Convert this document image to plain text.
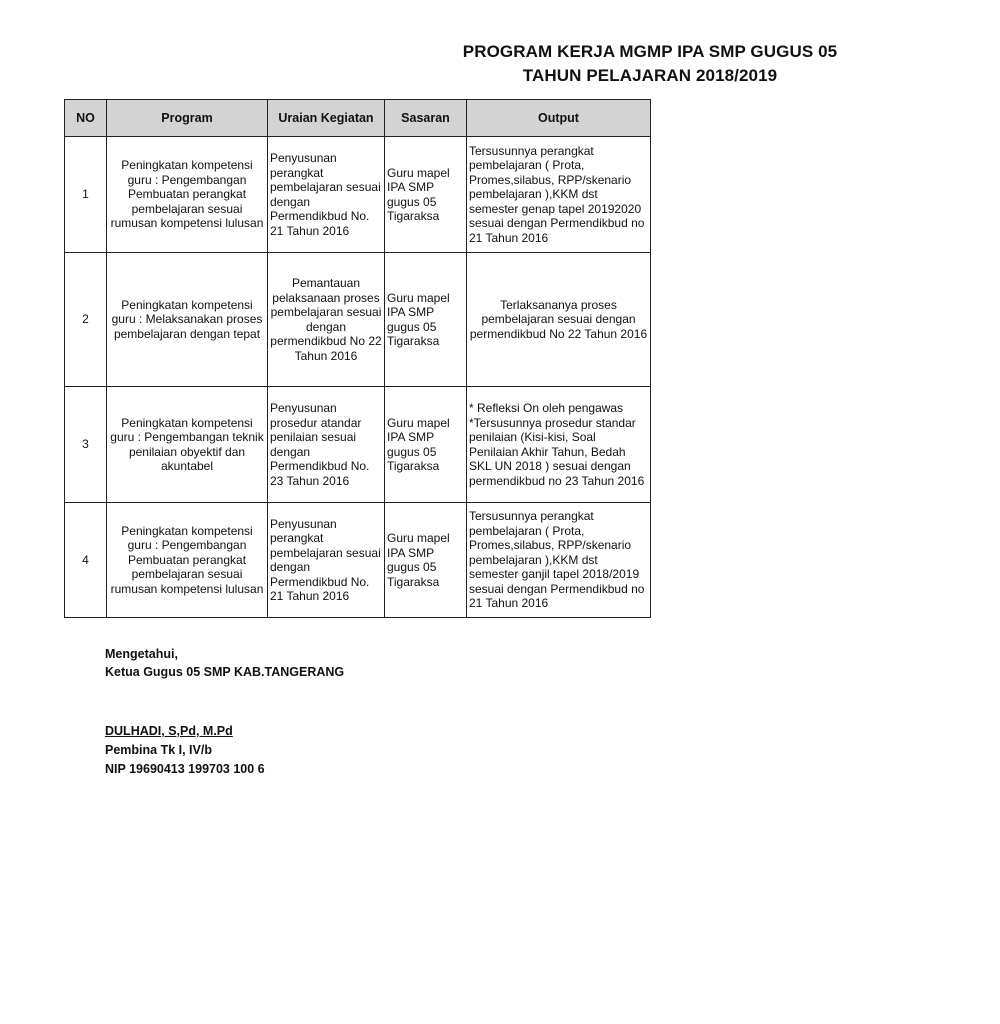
PROGRAM KERJA MGMP IPA SMP GUGUS 05
TAHUN PELAJARAN 2018/2019
NO	Program	Uraian Kegiatan	Sasaran	Output
1	Peningkatan kompetensi guru : Pengembangan Pembuatan perangkat pembelajaran sesuai rumusan kompetensi lulusan	Penyusunan perangkat pembelajaran sesuai dengan Permendikbud No. 21 Tahun 2016	Guru mapel IPA SMP gugus 05 Tigaraksa	Tersusunnya perangkat pembelajaran ( Prota, Promes,silabus, RPP/skenario pembelajaran ),KKM dst semester genap tapel 20192020 sesuai dengan Permendikbud no 21 Tahun 2016
2	Peningkatan kompetensi guru : Melaksanakan proses pembelajaran dengan tepat	Pemantauan pelaksanaan proses pembelajaran sesuai dengan permendikbud No 22 Tahun 2016	Guru mapel IPA SMP gugus 05 Tigaraksa	Terlaksananya proses pembelajaran sesuai dengan permendikbud No 22 Tahun 2016
3	Peningkatan kompetensi guru : Pengembangan teknik penilaian obyektif dan akuntabel	Penyusunan prosedur atandar penilaian sesuai dengan Permendikbud No. 23 Tahun 2016	Guru mapel IPA SMP gugus 05 Tigaraksa	* Refleksi On oleh pengawas
*Tersusunnya prosedur standar penilaian (Kisi-kisi, Soal Penilaian Akhir Tahun, Bedah SKL UN 2018 ) sesuai dengan permendikbud no 23 Tahun 2016
4	Peningkatan kompetensi guru : Pengembangan Pembuatan perangkat pembelajaran sesuai rumusan kompetensi lulusan	Penyusunan perangkat pembelajaran sesuai dengan Permendikbud No. 21 Tahun 2016	Guru mapel IPA SMP gugus 05 Tigaraksa	Tersusunnya perangkat pembelajaran ( Prota, Promes,silabus, RPP/skenario pembelajaran ),KKM dst semester ganjil tapel 2018/2019 sesuai dengan Permendikbud no 21 Tahun 2016
Mengetahui,
Ketua Gugus 05 SMP KAB.TANGERANG
DULHADI, S,Pd, M.Pd
Pembina Tk I, IV/b
NIP 19690413 199703 100 6
